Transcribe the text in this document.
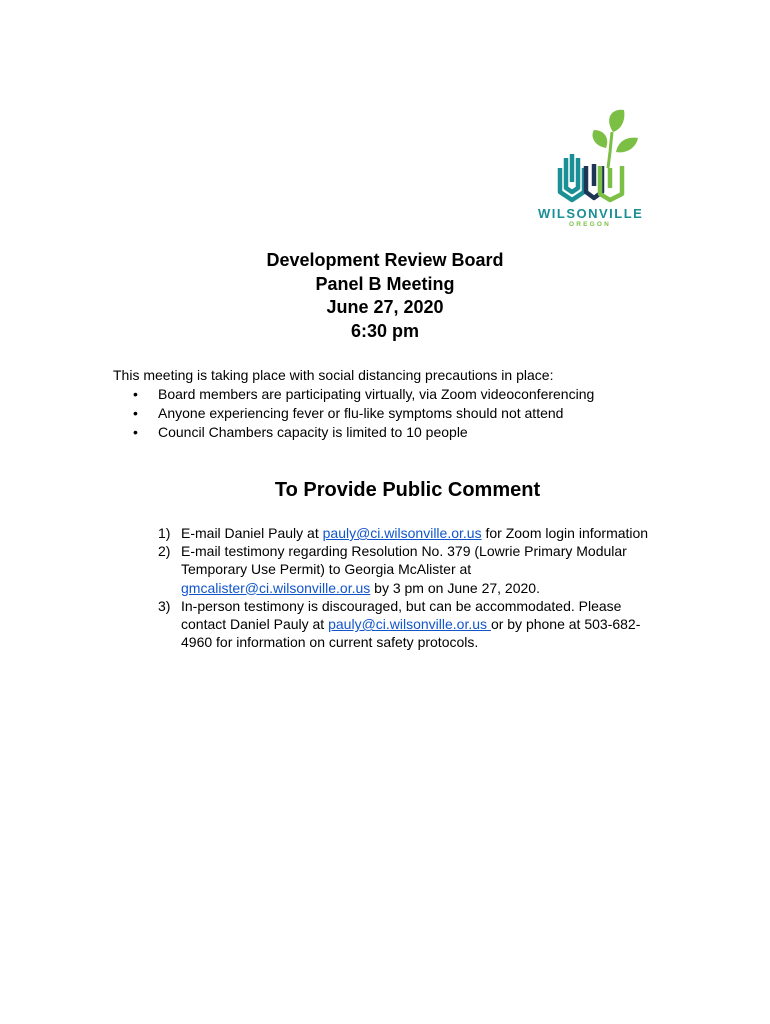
WILSONVILLE
OREGON
Development Review Board
Panel B Meeting
June 27, 2020
6:30 pm
This meeting is taking place with social distancing precautions in place:
• Board members are participating virtually, via Zoom videoconferencing
• Anyone experiencing fever or flu-like symptoms should not attend
• Council Chambers capacity is limited to 10 people
To Provide Public Comment
1) E-mail Daniel Pauly at pauly@ci.wilsonville.or.us for Zoom login information
2) E-mail testimony regarding Resolution No. 379 (Lowrie Primary Modular Temporary Use Permit) to Georgia McAlister at gmcalister@ci.wilsonville.or.us by 3 pm on June 27, 2020.
3) In-person testimony is discouraged, but can be accommodated. Please contact Daniel Pauly at pauly@ci.wilsonville.or.us or by phone at 503-682-4960 for information on current safety protocols.
